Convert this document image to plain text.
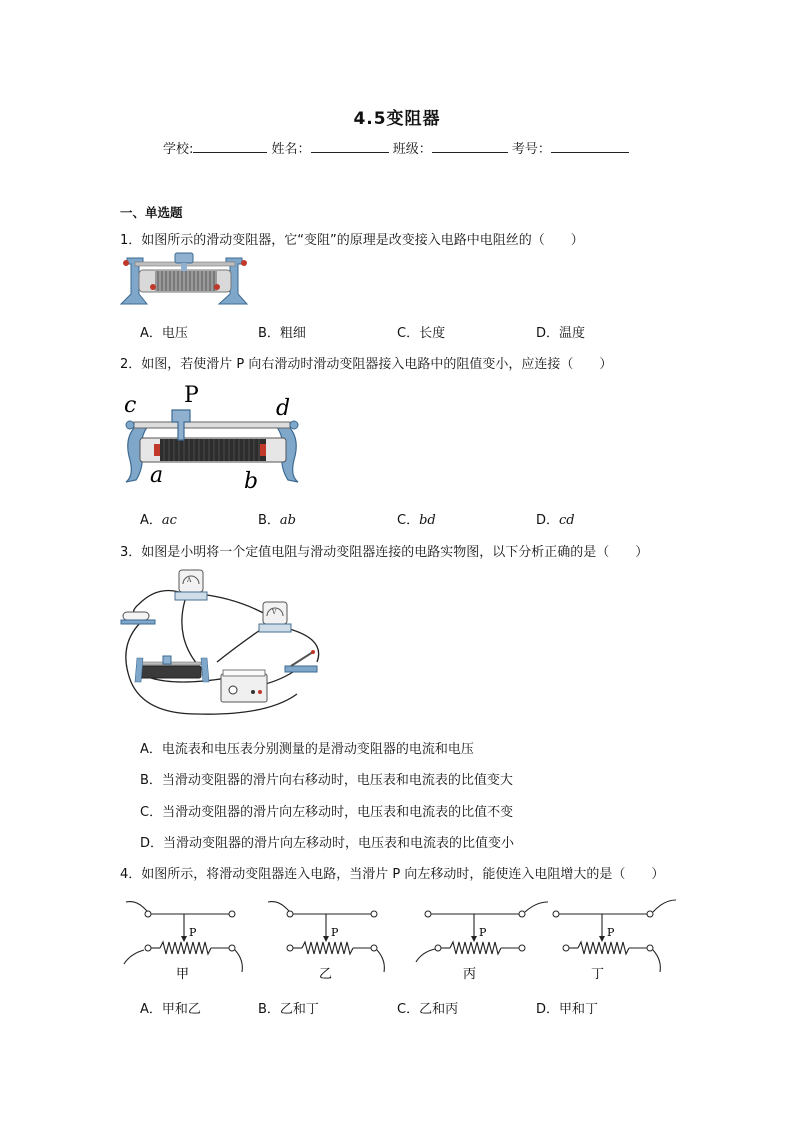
4.5变阻器
学校:	姓名：	班级：	考号：
一、单选题
1．如图所示的滑动变阻器，它“变阻”的原理是改变接入电路中电阻丝的（　　）
A．电压	B．粗细	C．长度	D．温度
2．如图，若使滑片 P 向右滑动时滑动变阻器接入电路中的阻值变小，应连接（　　）
c P
d
a	b
A．ac	B．ab	C．bd	D．cd
3．如图是小明将一个定值电阻与滑动变阻器连接的电路实物图，以下分析正确的是（　　）
A
V
A．电流表和电压表分别测量的是滑动变阻器的电流和电压
B．当滑动变阻器的滑片向右移动时，电压表和电流表的比值变大
C．当滑动变阻器的滑片向左移动时，电压表和电流表的比值不变
D．当滑动变阻器的滑片向左移动时，电压表和电流表的比值变小
4．如图所示，将滑动变阻器连入电路，当滑片 P 向左移动时，能使连入电阻增大的是（　　）
P	P	P	P
甲	乙	丙	丁
A．甲和乙	B．乙和丁	C．乙和丙	D．甲和丁
